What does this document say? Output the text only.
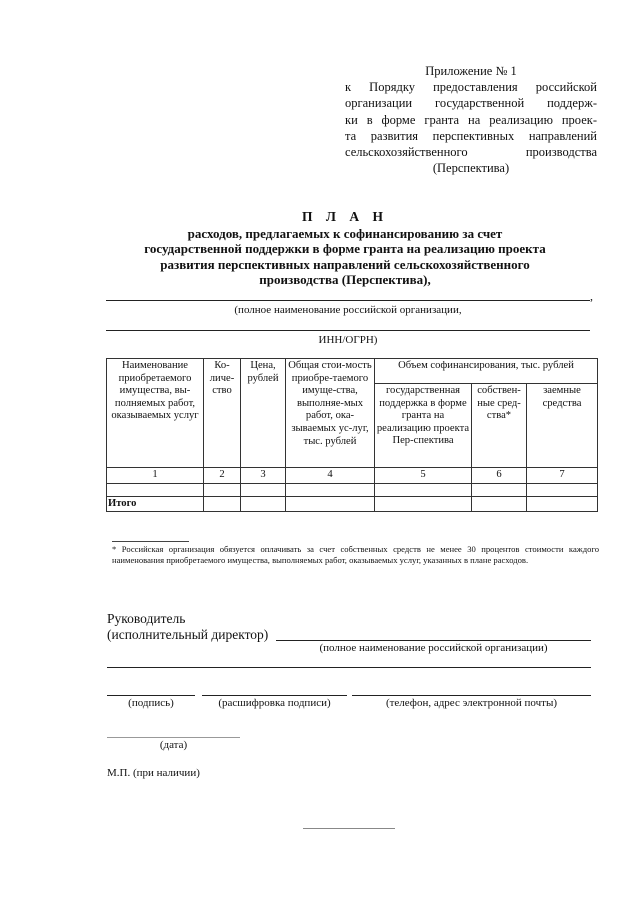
Приложение № 1
к Порядку предоставления российской
организации государственной поддерж-
ки в форме гранта на реализацию проек-
та развития перспективных направлений
сельскохозяйственного производства
(Перспектива)
П Л А Н
расходов, предлагаемых к софинансированию за счет
государственной поддержки в форме гранта на реализацию проекта
развития перспективных направлений сельскохозяйственного
производства (Перспектива),
,
(полное наименование российской организации,
ИНН/ОГРН)
Наименование приобретаемого имущества, вы-полняемых работ, оказываемых услуг	Ко-личе-ство	Цена, рублей	Общая стои-мость приобре-таемого имуще-ства, выполняе-мых работ, ока-зываемых ус-луг, тыс. рублей	Объем софинансирования, тыс. рублей		
				государственная поддержка в форме гранта на реализацию проекта Пер-спектива	собствен-ные сред-ства*	заемные средства
1	2	3	4	5	6	7

Итого						
* Российская организация обязуется оплачивать за счет собственных средств не менее 30 процентов стоимости каждого наименования приобретаемого имущества, выполняемых работ, оказываемых услуг, указанных в плане расходов.
Руководитель
(исполнительный директор)
(полное наименование российской организации)
(подпись)	(расшифровка подписи)	(телефон, адрес электронной почты)
(дата)
М.П. (при наличии)
